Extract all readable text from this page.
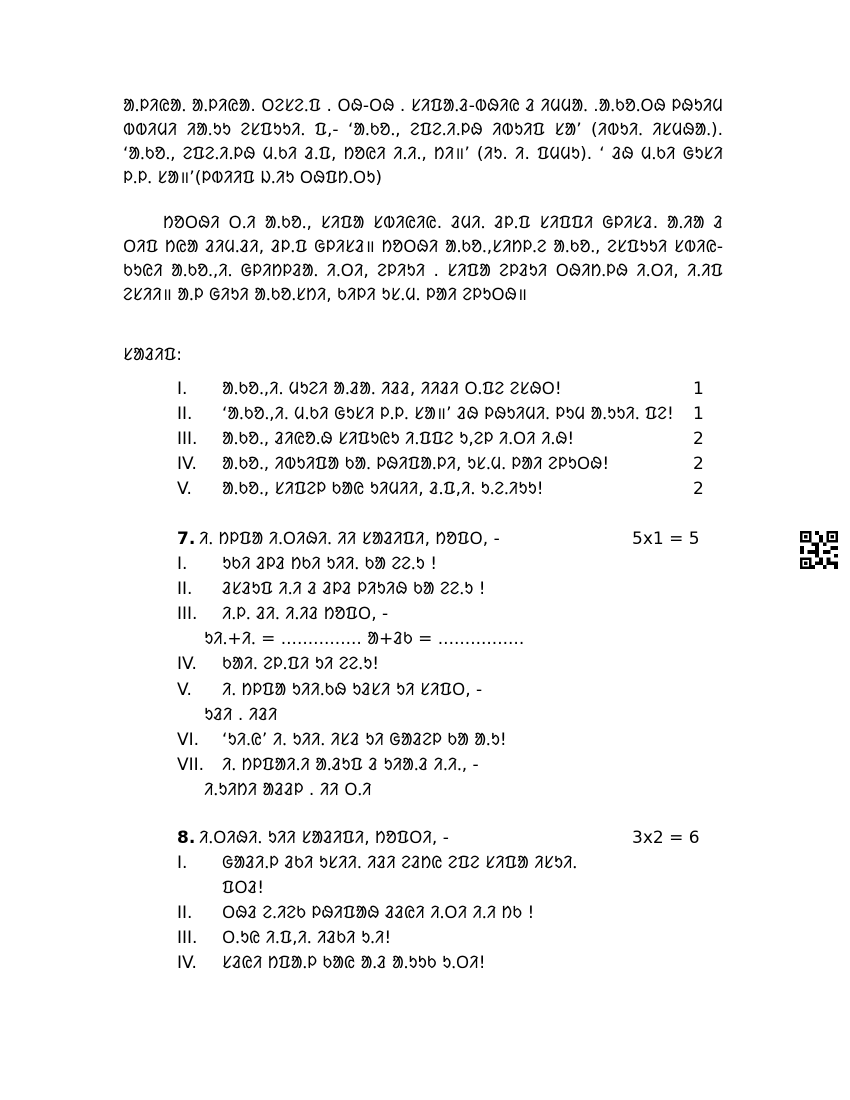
ᱟᱹᱞᱤᱭᱟᱹ ᱟᱹᱞᱤᱭᱟ. ᱛᱮᱥᱮᱹᱯ . ᱛᱷ-ᱛᱷ . ᱥᱤᱯᱟᱹᱲ-ᱵᱷᱤᱭ ᱲ ᱤᱢᱢᱟᱹ .ᱟᱹᱠᱚᱹᱛᱷ ᱞᱷᱩᱤᱢ ᱵᱵᱤᱢᱤ ᱤᱟᱹᱩᱩ ᱮᱥᱯᱩᱩᱤᱹ ᱯ,- ‘ᱟᱹᱠᱚᱹ, ᱮᱯᱮᱹᱤᱹᱞᱷ ᱤᱵᱩᱤᱯ ᱥᱟ’ (ᱤᱵᱩᱤᱹ ᱤᱥᱢᱷᱟᱹ). ‘ᱟᱹᱠᱚᱹ, ᱮᱯᱮᱹᱤᱹᱞᱷ ᱢᱹᱠᱤ ᱲᱹᱯ, ᱴᱚᱭᱤ ᱤᱹᱤᱹ, ᱴᱤ॥’ (ᱤᱩ. ᱤ. ᱯᱢᱢᱩ). ‘ ᱲᱷ ᱢᱹᱠᱤ ᱜᱩᱥᱤ ᱞᱹᱞᱹ ᱥᱟ॥’(ᱞᱵᱤᱤᱯ ᱡᱹᱤᱩ ᱛᱷᱯᱴᱹᱛᱩ)
ᱴᱚᱛᱷᱤ ᱛᱹᱤ ᱟᱹᱠᱚᱹ, ᱥᱤᱯᱟ ᱥᱵᱤᱭᱤᱭ. ᱲᱢᱤᱹ ᱲᱞᱹᱯ ᱥᱤᱯᱯᱤ ᱜᱞᱤᱥᱲ. ᱟᱹᱤᱟ ᱲ ᱛᱤᱯ ᱴᱭᱟ ᱲᱤᱢᱹᱲᱤ, ᱲᱞᱹᱯ ᱜᱞᱤᱥᱲ॥ ᱴᱚᱛᱷᱤ ᱟᱹᱠᱚᱹ,ᱥᱤᱴᱞᱹᱮ ᱟᱹᱠᱚᱹ, ᱮᱥᱯᱩᱩᱤ ᱥᱵᱤᱭ-ᱠᱩᱭᱤ ᱟᱹᱠᱚᱹ,ᱤᱹ ᱜᱞᱤᱴᱞᱲᱟᱹ ᱤᱹᱛᱤ, ᱮᱞᱤᱩᱤ . ᱥᱤᱯᱟ ᱮᱞᱲᱩᱤ ᱛᱷᱤᱴᱹᱞᱷ ᱤᱹᱛᱤ, ᱤᱹᱤᱯ ᱮᱥᱤᱤ॥ ᱟᱹᱞ ᱜᱤᱩᱤ ᱟᱹᱠᱚᱹᱥᱴᱤ, ᱠᱤᱞᱤ ᱩᱥᱹᱢᱹ ᱞᱟᱤ ᱮᱞᱩᱛᱷ॥
ᱥᱟᱲᱤᱯ:
I. ᱟᱹᱠᱚᱹ,ᱤᱹ ᱢᱩᱮᱤ ᱟᱹᱲᱟᱹ ᱤᱲᱲ, ᱤᱤᱲᱤ ᱛᱹᱯᱮ ᱮᱥᱷᱛ!	1
II. ‘ᱟᱹᱠᱚᱹ,ᱤᱹ ᱢᱹᱠᱤ ᱜᱩᱥᱤ ᱞᱹᱞᱹ ᱥᱟ॥’ ᱲᱷ ᱞᱷᱩᱤᱢᱤᱹ ᱞᱩᱢ ᱟᱹᱩᱩᱤᱹ ᱯᱮ! 1
III. ᱟᱹᱠᱚᱹ, ᱲᱤᱭᱚᱹᱷ ᱥᱤᱯᱩᱭᱩ ᱤᱹᱯᱯᱮ ᱩ,ᱮᱞ ᱤᱹᱛᱤ ᱤᱹᱷ!	2
IV. ᱟᱹᱠᱚᱹ, ᱤᱵᱩᱤᱯᱟ ᱠᱟᱹ ᱞᱷᱤᱯᱟᱹᱞᱤ, ᱩᱥᱹᱢᱹ ᱞᱟᱤ ᱮᱞᱩᱛᱷ!	2
V. ᱟᱹᱠᱚᱹ, ᱥᱤᱯᱮᱞ ᱠᱟᱭ ᱩᱤᱢᱤᱤ, ᱲᱹᱯ,ᱤᱹ ᱩᱹᱮᱹᱤᱩᱩ!	2
7. ᱤᱹ ᱴᱞᱯᱟ ᱤᱹᱛᱤᱷᱤᱹ ᱤᱤ ᱥᱟᱲᱤᱯᱤ, ᱴᱚᱯᱛ, -	5x1 = 5
I. ᱩᱠᱤ ᱲᱞᱲ ᱴᱠᱤ ᱩᱤᱤᱹ ᱠᱟ ᱮᱮᱹᱩ !
II. ᱲᱥᱲᱩᱯ ᱤᱹᱤ ᱲ ᱲᱞᱲ ᱞᱤᱩᱤᱷ ᱠᱟ ᱮᱮᱹᱩ !
III. ᱤᱹᱞᱹ ᱲᱤᱹ ᱤᱹᱤᱲ ᱴᱚᱯᱛ, -
ᱩᱤᱹ+ᱤᱹ = ............... ᱟ+ᱲᱠ = ................
IV. ᱠᱟᱤᱹ ᱮᱞᱹᱯᱤ ᱩᱤ ᱮᱮᱹᱩ!
V. ᱤᱹ ᱴᱞᱯᱟ ᱩᱤᱤᱹᱠᱷ ᱩᱲᱥᱤ ᱩᱤ ᱥᱤᱯᱛ, -
ᱩᱲᱤ . ᱤᱲᱤ
VI. ‘ᱩᱤᱹᱭ’ ᱤᱹ ᱩᱤᱤᱹ ᱤᱥᱲ ᱩᱤ ᱜᱟᱲᱮᱞ ᱠᱟ ᱟᱹᱩ!
VII. ᱤᱹ ᱴᱞᱯᱟᱤᱹᱤ ᱟᱹᱲᱩᱯ ᱲ ᱩᱤᱟᱹᱲ ᱤᱹᱤᱹ, -
ᱤᱹᱩᱤᱴᱤ ᱟᱲᱲᱞ . ᱤᱤ ᱛᱹᱤ
8. ᱤᱹᱛᱤᱷᱤᱹ ᱩᱤᱤ ᱥᱟᱲᱤᱯᱤ, ᱴᱚᱯᱛᱤ, -	3x2 = 6
I. ᱜᱟᱲᱤᱹᱞ ᱲᱠᱤ ᱩᱥᱤᱤᱹ ᱤᱲᱤ ᱮᱲᱴᱭ ᱮᱯᱮ ᱥᱤᱯᱟ ᱤᱥᱩᱤᱹ
ᱯᱛᱲ!
II. ᱛᱷᱲ ᱮᱹᱤᱮᱠ ᱞᱷᱤᱯᱟᱷ ᱲᱲᱭᱤ ᱤᱹᱛᱤ ᱤᱹᱤ ᱴᱠ !
III. ᱛᱹᱩᱭ ᱤᱹᱯ,ᱤᱹ ᱤᱲᱠᱤ ᱩᱹᱤ!
IV. ᱥᱲᱭᱤ ᱴᱯᱟᱹᱞ ᱠᱟᱭ ᱟᱹᱲ ᱟᱹᱩᱩᱠ ᱩᱹᱛᱤ!
